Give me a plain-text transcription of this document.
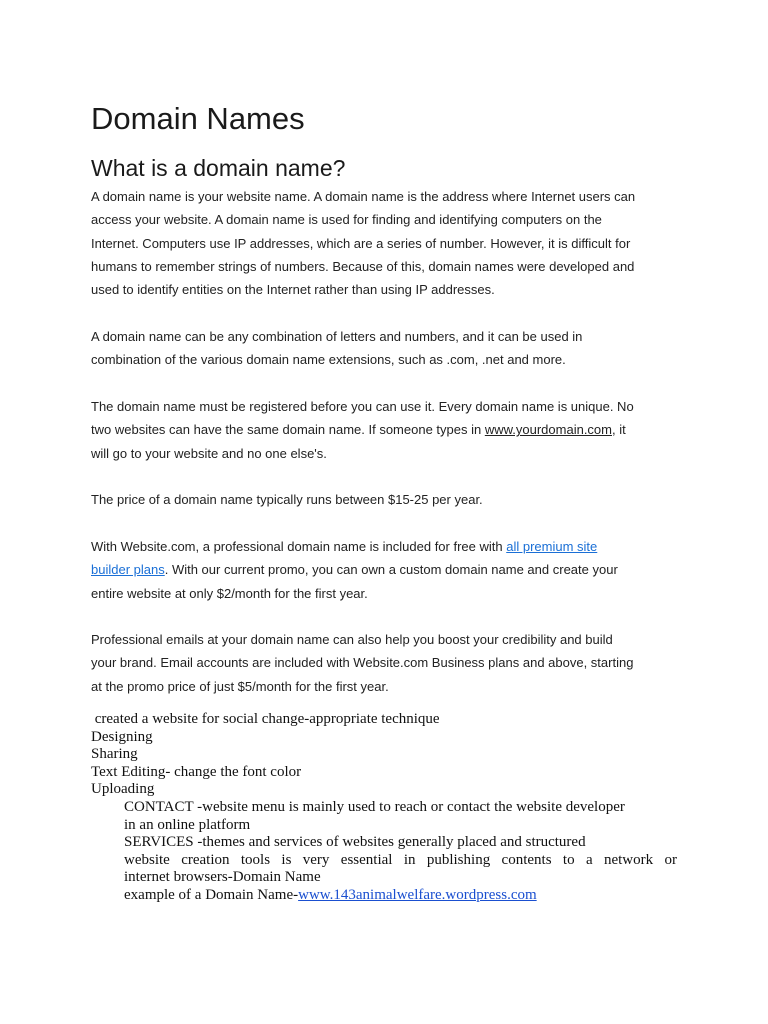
Domain Names
What is a domain name?
A domain name is your website name. A domain name is the address where Internet users can
access your website. A domain name is used for finding and identifying computers on the
Internet. Computers use IP addresses, which are a series of number. However, it is difficult for
humans to remember strings of numbers. Because of this, domain names were developed and
used to identify entities on the Internet rather than using IP addresses.
A domain name can be any combination of letters and numbers, and it can be used in
combination of the various domain name extensions, such as .com, .net and more.
The domain name must be registered before you can use it. Every domain name is unique. No
two websites can have the same domain name. If someone types in www.yourdomain.com, it
will go to your website and no one else's.
The price of a domain name typically runs between $15-25 per year.
With Website.com, a professional domain name is included for free with all premium site
builder plans. With our current promo, you can own a custom domain name and create your
entire website at only $2/month for the first year.
Professional emails at your domain name can also help you boost your credibility and build
your brand. Email accounts are included with Website.com Business plans and above, starting
at the promo price of just $5/month for the first year.
created a website for social change-appropriate technique
Designing
Sharing
Text Editing- change the font color
Uploading
CONTACT -website menu is mainly used to reach or contact the website developer
in an online platform
SERVICES -themes and services of websites generally placed and structured
website creation tools is very essential in publishing contents to a network or
internet browsers-Domain Name
example of a Domain Name-www.143animalwelfare.wordpress.com
